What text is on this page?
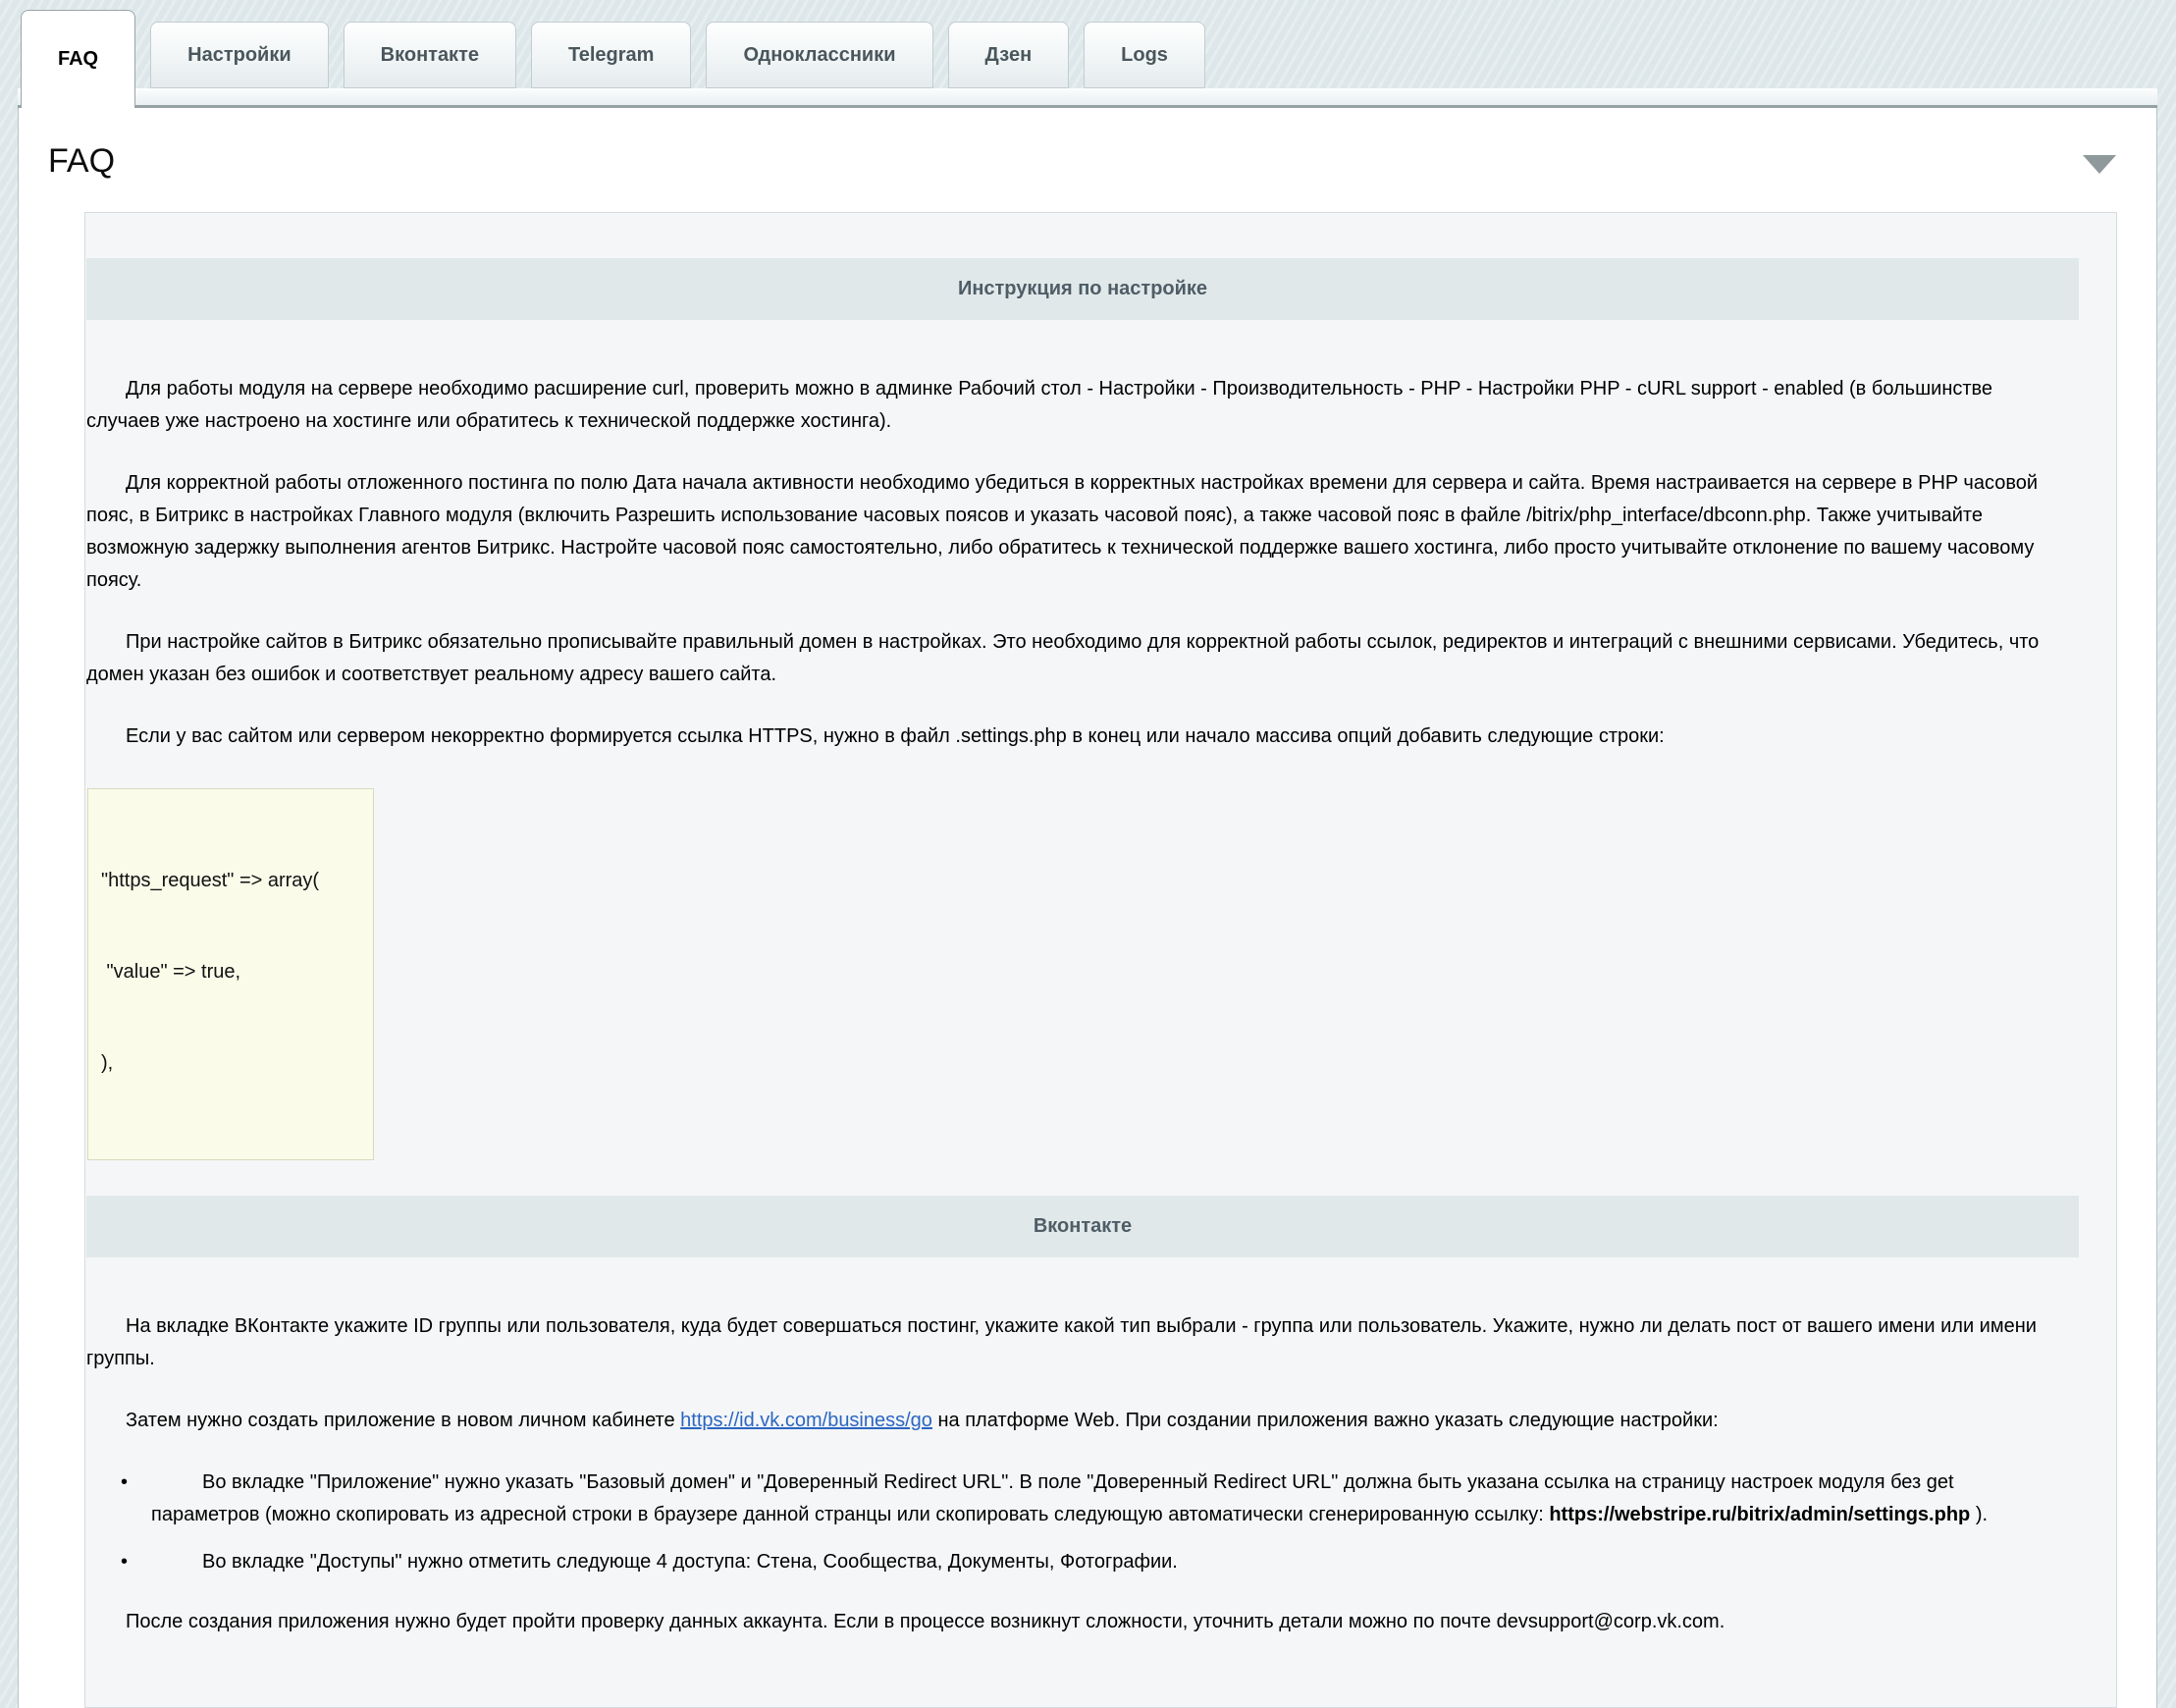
FAQ	Настройки	Вконтакте	Telegram	Одноклассники	Дзен	Logs
FAQ
Инструкция по настройке

Для работы модуля на сервере необходимо расширение curl, проверить можно в админке Рабочий стол - Настройки - Производительность - PHP - Настройки PHP - cURL support - enabled (в большинстве случаев уже настроено на хостинге или обратитесь к технической поддержке хостинга).

Для корректной работы отложенного постинга по полю Дата начала активности необходимо убедиться в корректных настройках времени для сервера и сайта. Время настраивается на сервере в PHP часовой пояс, в Битрикс в настройках Главного модуля (включить Разрешить использование часовых поясов и указать часовой пояс), а также часовой пояс в файле /bitrix/php_interface/dbconn.php. Также учитывайте возможную задержку выполнения агентов Битрикс. Настройте часовой пояс самостоятельно, либо обратитесь к технической поддержке вашего хостинга, либо просто учитывайте отклонение по вашему часовому поясу.

При настройке сайтов в Битрикс обязательно прописывайте правильный домен в настройках. Это необходимо для корректной работы ссылок, редиректов и интеграций с внешними сервисами. Убедитесь, что домен указан без ошибок и соответствует реальному адресу вашего сайта.

Если у вас сайтом или сервером некорректно формируется ссылка HTTPS, нужно в файл .settings.php в конец или начало массива опций добавить следующие строки:

"https_request" => array(

"value" => true,

),

Вконтакте

На вкладке ВКонтакте укажите ID группы или пользователя, куда будет совершаться постинг, укажите какой тип выбрали - группа или пользователь. Укажите, нужно ли делать пост от вашего имени или имени группы.

Затем нужно создать приложение в новом личном кабинете https://id.vk.com/business/go на платформе Web. При создании приложения важно указать следующие настройки:

• Во вкладке "Приложение" нужно указать "Базовый домен" и "Доверенный Redirect URL". В поле "Доверенный Redirect URL" должна быть указана ссылка на страницу настроек модуля без get параметров (можно скопировать из адресной строки в браузере данной странцы или скопировать следующую автоматически сгенерированную ссылку: https://webstripe.ru/bitrix/admin/settings.php ).
• Во вкладке "Доступы" нужно отметить следующе 4 доступа: Стена, Сообщества, Документы, Фотографии.

После создания приложения нужно будет пройти проверку данных аккаунта. Если в процессе возникнут сложности, уточнить детали можно по почте devsupport@corp.vk.com.
